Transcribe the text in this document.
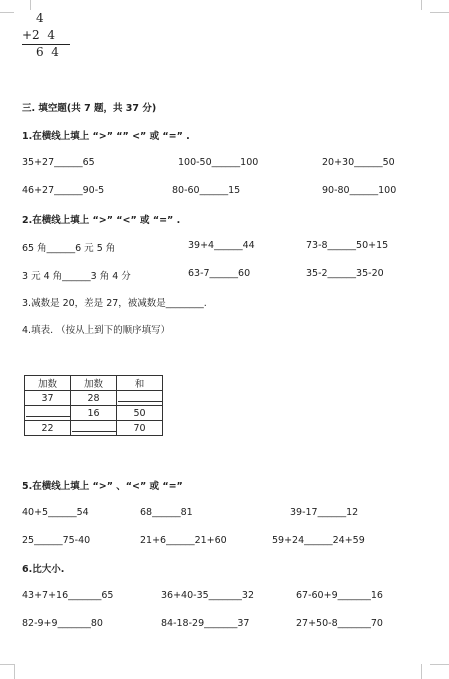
4
+2  4
6  4
三. 填空题(共 7 题，共 37 分)
1.在横线上填上 “>” “” <” 或 “=” .
35+27______65	100-50______100	20+30______50
46+27______90-5	80-60______15	90-80______100
2.在横线上填上 “>” “<” 或 “=” .
65 角______6 元 5 角	39+4______44	73-8______50+15
3 元 4 角______3 角 4 分	63-7______60	35-2______35-20
3.减数是 20，差是 27，被减数是________.
4.填表. （按从上到下的顺序填写）
加数	加数	和
37	28	
	16	50
22		70
5.在横线上填上 “>” 、“<” 或 “=”
40+5______54	68______81	39-17______12
25______75-40	21+6______21+60	59+24______24+59
6.比大小.
43+7+16_______65	36+40-35_______32	67-60+9_______16
82-9+9_______80	84-18-29_______37	27+50-8_______70
